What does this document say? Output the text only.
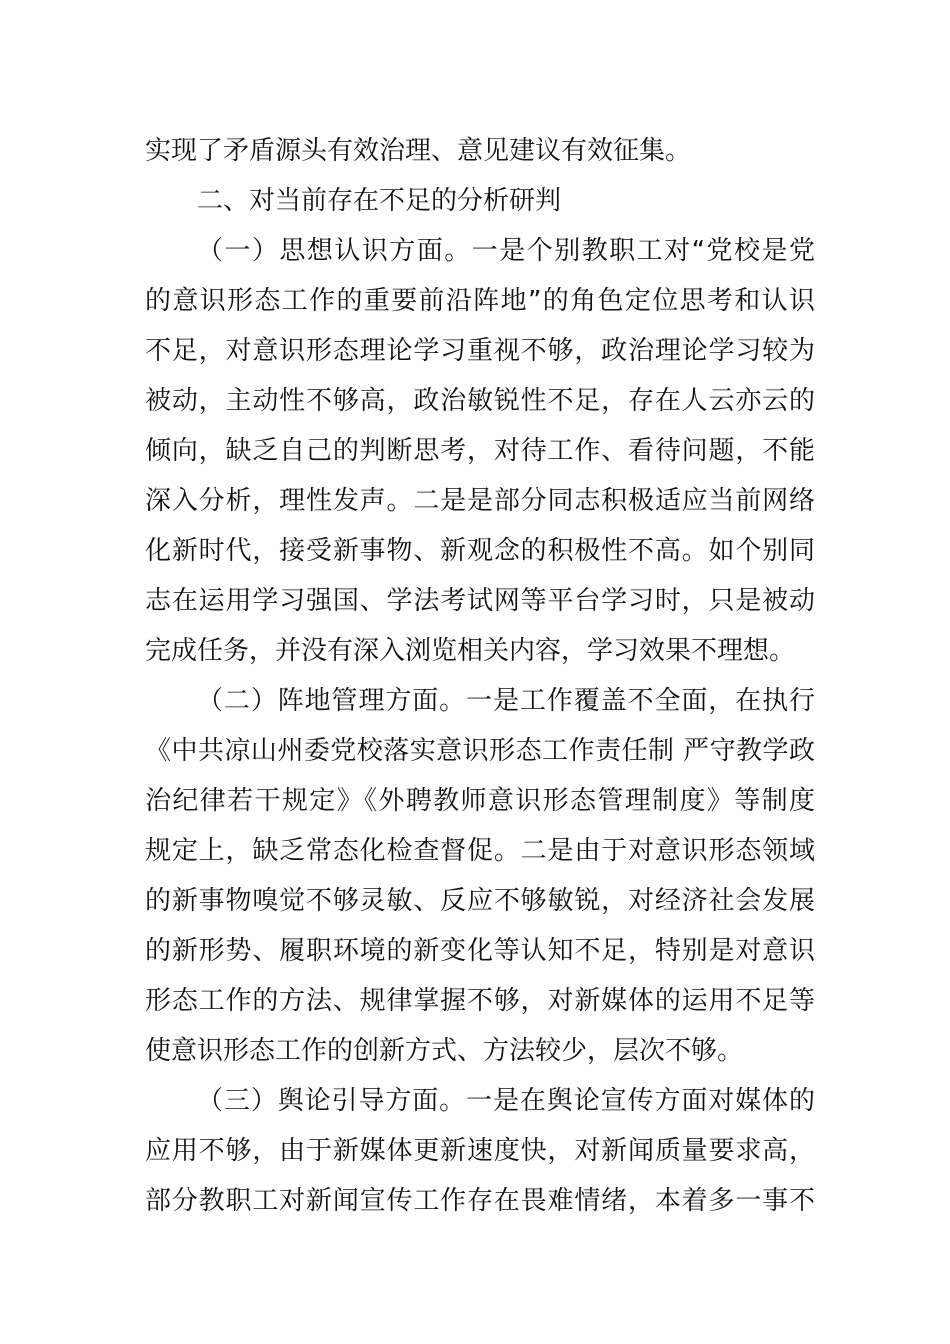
实现了矛盾源头有效治理、意见建议有效征集。
二、对当前存在不足的分析研判
（一）思想认识方面。一是个别教职工对“党校是党
的意识形态工作的重要前沿阵地”的角色定位思考和认识
不足，对意识形态理论学习重视不够，政治理论学习较为
被动，主动性不够高，政治敏锐性不足，存在人云亦云的
倾向，缺乏自己的判断思考，对待工作、看待问题，不能
深入分析，理性发声。二是是部分同志积极适应当前网络
化新时代，接受新事物、新观念的积极性不高。如个别同
志在运用学习强国、学法考试网等平台学习时，只是被动
完成任务，并没有深入浏览相关内容，学习效果不理想。
（二）阵地管理方面。一是工作覆盖不全面，在执行
《中共凉山州委党校落实意识形态工作责任制 严守教学政
治纪律若干规定》《外聘教师意识形态管理制度》等制度
规定上，缺乏常态化检查督促。二是由于对意识形态领域
的新事物嗅觉不够灵敏、反应不够敏锐，对经济社会发展
的新形势、履职环境的新变化等认知不足，特别是对意识
形态工作的方法、规律掌握不够，对新媒体的运用不足等
使意识形态工作的创新方式、方法较少，层次不够。
（三）舆论引导方面。一是在舆论宣传方面对媒体的
应用不够，由于新媒体更新速度快，对新闻质量要求高，
部分教职工对新闻宣传工作存在畏难情绪，本着多一事不
